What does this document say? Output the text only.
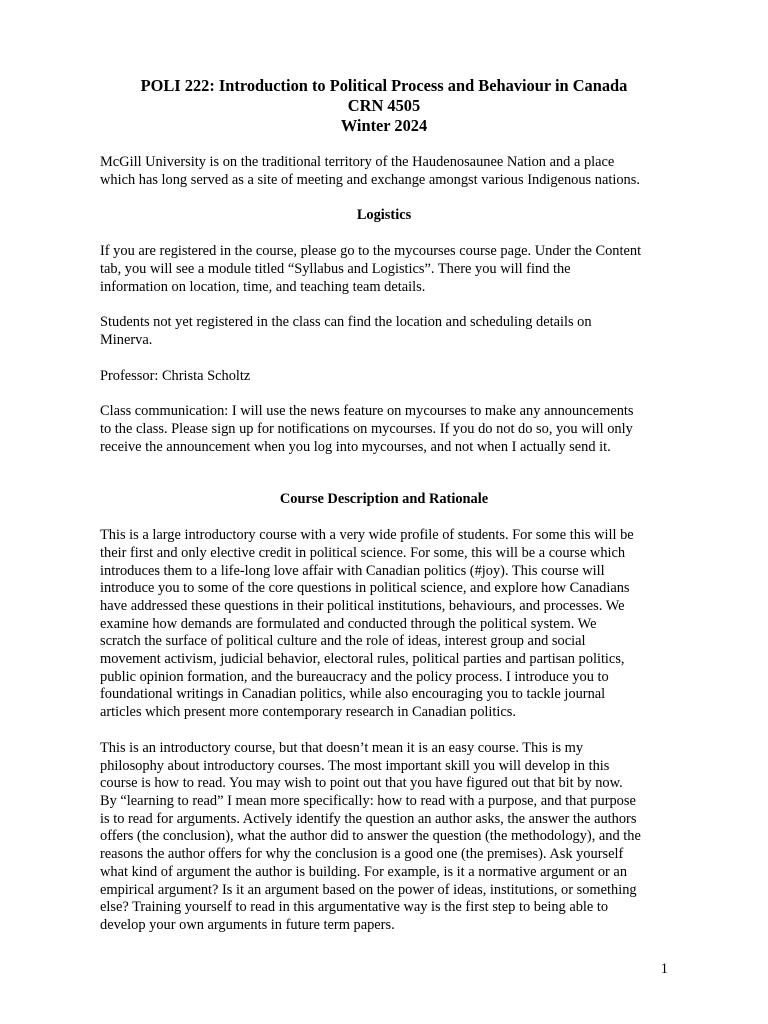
POLI 222: Introduction to Political Process and Behaviour in Canada

CRN 4505

Winter 2024

McGill University is on the traditional territory of the Haudenosaunee Nation and a place
which has long served as a site of meeting and exchange amongst various Indigenous nations.

Logistics

If you are registered in the course, please go to the mycourses course page. Under the Content
tab, you will see a module titled “Syllabus and Logistics”. There you will find the
information on location, time, and teaching team details.

Students not yet registered in the class can find the location and scheduling details on
Minerva.

Professor: Christa Scholtz

Class communication: I will use the news feature on mycourses to make any announcements
to the class. Please sign up for notifications on mycourses. If you do not do so, you will only
receive the announcement when you log into mycourses, and not when I actually send it.

Course Description and Rationale

This is a large introductory course with a very wide profile of students. For some this will be
their first and only elective credit in political science. For some, this will be a course which
introduces them to a life-long love affair with Canadian politics (#joy). This course will
introduce you to some of the core questions in political science, and explore how Canadians
have addressed these questions in their political institutions, behaviours, and processes. We
examine how demands are formulated and conducted through the political system. We
scratch the surface of political culture and the role of ideas, interest group and social
movement activism, judicial behavior, electoral rules, political parties and partisan politics,
public opinion formation, and the bureaucracy and the policy process. I introduce you to
foundational writings in Canadian politics, while also encouraging you to tackle journal
articles which present more contemporary research in Canadian politics.

This is an introductory course, but that doesn’t mean it is an easy course. This is my
philosophy about introductory courses. The most important skill you will develop in this
course is how to read. You may wish to point out that you have figured out that bit by now.
By “learning to read” I mean more specifically: how to read with a purpose, and that purpose
is to read for arguments. Actively identify the question an author asks, the answer the authors
offers (the conclusion), what the author did to answer the question (the methodology), and the
reasons the author offers for why the conclusion is a good one (the premises). Ask yourself
what kind of argument the author is building. For example, is it a normative argument or an
empirical argument? Is it an argument based on the power of ideas, institutions, or something
else? Training yourself to read in this argumentative way is the first step to being able to
develop your own arguments in future term papers.

1
